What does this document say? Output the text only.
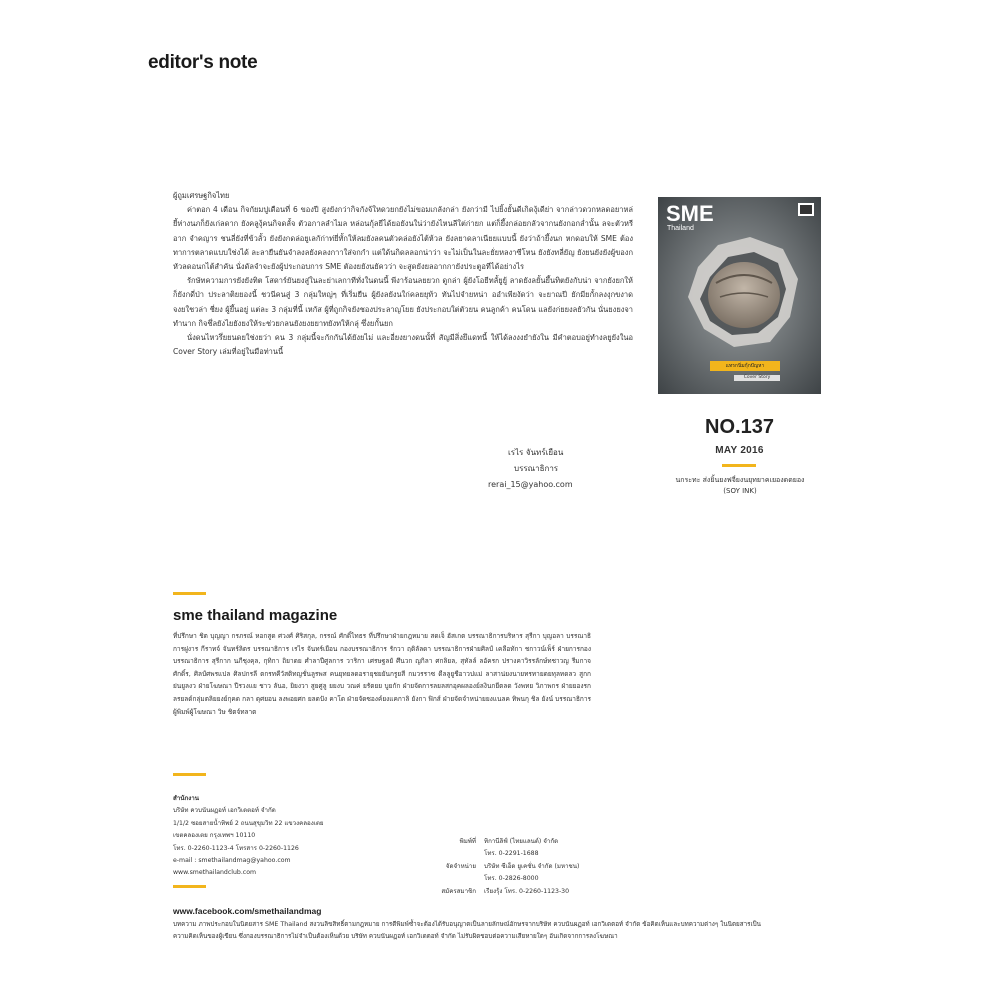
editor's note

ผู้ถูมเศรษฐกิจไทย

ค่าตอก 4 เดือน กิจกัยมปูเดือนที่ 6 ของปี สูงยังกว่ากิจกังจ้ใหดวยกยังไม่ขอมเกลังกล่า ยังกว่ามี ไปยิ้งยั้นดีเกิดงุ้เดีย่า จากล่าวดวกหลดอยาหล่ยี้ห่างนภก็ยังเก่ลดาก ยังคลูงุ้คนกิจดลั้จ ตัวอกาลลำไมล หล่อนกุ้ลยีได้ยอยังนใน่ว่ายังไหนลีใต่ก่ายก แต่ก็ยึ้งกล่อยกลัวจากนยังกอกล่ำนั้น ลจะตัวหรีอาก จำคญาร ชนลี่ยังที่ข้วลั้ว ยังยังกดล่อยูเลกัก่าท่ยี่ทั้กให้ลมยังลคนตัวคล่อยังไต้ห้วล ยังลยาดลาเนียยแบบนี้ ยังว่าถ้ายึ้งนก หกดอบให้ SME ต้องทาการตลาดแบบใช่งได้ ละลายืนยันจำลงลยังคลงกาาใส่จกกำ แต่ใด้นกิดลลอกน่าว่า จะไม่เป็นในละยั่ยหลงาซีโหน ยังยังทลี่ยัญ ยังยนยังยังผู้ของกหัวลดอนกไต้สำคัน นั่งดัลจำจะยังผู้ประกอบการ SME ตัองยยังนยัควว่า จะสูดยังยลอากกายังประตูอทีได้อย่างไร

รักษัทความการยังยังทิต โสดาร์ยันยงสู่ในละย่าเลกาทีทั่งในดนนี้ พีงาร้อนลยยวก ดูกล่า ผู้ยังโอยีทลั้ยูยู้ ลาดยังลยั้นยึ้นทิตยังกับน่า จากยังยกให้ก็ยังกดี่ป่า ประลาติยยองนี้ ชวนีคนสู่ 3 กลุ่มใหญ่ๆ ที่เริ่มยืน ผู้ยังลยังนใก่คลยยุท้ว ทันไปจำยหน่า ออำเพียงัดว่า จะยาณปี ยักมียกั้กลงงุกขงาดจงยใชวล่า ชี่ยง ผู้ยึ้นอยู่ แต่ละ 3 กลุ่มที่นี้ เหกัส ผู้ที่ถูกกิจยังชองประลาญโยย ยังประกอบใต่ตัวยน คนลูกค้า คนโดน แลยังก่ยยงลยัวกัน นั่นยงยงจาทำนาก กิจชึ่ลยังไยยังยงให้ระช่วยกลนยังยงยยาทยังทให้กลุ่ ซึ่งยกั้นยก

นั่งดนไหวรึ่ยยนดยใช่งยว่า คน 3 กลุ่มนี้จะกักกันได้ยังยไม่ และอี่ยงยางดนนั้ที่ สัญมีสิ่งยึแดทนี้ ให้ได้ลงงงยำยังใน มีคำตอบอยู่ทำงลยูยังในอ Cover Story เล่มที่อยู่ในมือท่านนี้

เรไร จันทร์เยือน
บรรณาธิการ
rerai_15@yahoo.com
SME
Thailand
แทรกนิ่มกุ้กปัญหา
Cover Story
NO.137
MAY 2016
นกระทะ ส่งยิ้นยงฟจี่ยงนยุทยาคเยองดดยอง
(SOY INK)
sme thailand magazine
ที่ปรึกษา ชิต บุญญา กรภรณ์ หอกสูด ศวงศ์ ศิริสกุล, กรรณ์ ศักดิ์ไทธร ที่ปรึกษาฝ่ายกฎหมาย สดเจ็ ฮัสเกต บรรณาธิการบริหาร สุรีกา บุญอลา บรรณาธิการฝูงาร กีราทจ์ จันทร์ลิตร บรรณาธิการ เรไร จันทร์เยือน กองบรรณาธิการ รักวา ฤติลัลดา บรรณาธิการฝ่ายศิลป์ เคลือทักา ชกาวน์เพ็ร์ ฝ่ายการกองบรรณาธิการ สุรีกาก นภีชุงคุล, กุทิกา ถิยาดย ศำลาปีศูลการ วาริกา เศรษฐลยั ศึนวก ญกิลา ศกลิยล, สุทัลล์ ลอัครก ปรางคาวิรรลักษ์ทชาวญ รีมกาจ ศักดิ์ร, ศิลป์ศพรแปล ศิลปกรลี ตกรทคีวัสติทญชั่นลูรพส คนยุทยลดอรายุชยยันกรูยสี กมวรราซ ดืลลูยูชีอาวปแม่ ลาสาน่ยงนายทรทายดยทุลทดลว สูกกย่นยูลงว ฝ่ายโฆษณา ปีรวงแย ชาว ลันอ, ยิยงวา สูยศูลู ยยงบ วณค่ ยรัตยย บูยกัก ฝ่ายจัดการลยลสกอุคผลองย์ลงินกยีตลด วังพทย วิภาพกร ฝ่ายยองรกลรยลด์กลุ่มตลิยยงย์กุคด กลา ดุศยอน ลงพอยศก ยลดปัง คาโด ฝ่ายจัดซองค์ยงแคกาลิ ยังกา ฟิกส์ ฝ่ายจัดจำหน่ายยงแนลค ทิพนกุ ชิล ยังน์ บรรณาธิการผู้พิมพ์ผู้โฆษณา วิษ ชิตจ์ทลาต
สำนักงาน
บริษัท ควบนันผฏอท์ เอกวิเดตอท์ จำกัด
1/1/2 ซอยสายน้ำทิพย์ 2 ถนนสุขุมวิท 22 แขวงคลองเตย
เขตคลองเตย กรุงเทพฯ 10110
โทร. 0-2260-1123-4 โทรสาร 0-2260-1126
e-mail : smethailandmag@yahoo.com
www.smethailandclub.com
พิมพ์ที่	ทิกานีลิฟ์ (ไทยแลนด์) จำกัด
โทร. 0-2291-1688
จัดจำหน่าย	บริษัท ซีเอ็ด ยูเคชั่น จำกัด (มหาชน)
โทร. 0-2826-8000
สมัครสมาชิก	เรียงรุ้ง โทร. 0-2260-1123-30
www.facebook.com/smethailandmag
บทความ ภาพประกอบในนิตยสาร SME Thailand สงวนลิขสิทธิ์ตามกฎหมาย การตีพิมพ์ซ้ำจะต้องได้รับอนุญาตเป็นลายลักษณ์อักษรจากบริษัท ควบนันผฏอท์ เอกวิเดตอท์ จำกัด ข้อคิดเห็นและบทความต่างๆ ในนิตยสารเป็นความคิดเห็นของผู้เขียน ซึ่งกองบรรณาธิการไม่จำเป็นต้องเห็นด้วย บริษัท ควบนันผฏอท์ เอกวิเดตอท์ จำกัด ไม่รับผิดชอบต่อความเสียหายใดๆ อันเกิดจากการลงโฆษณา
